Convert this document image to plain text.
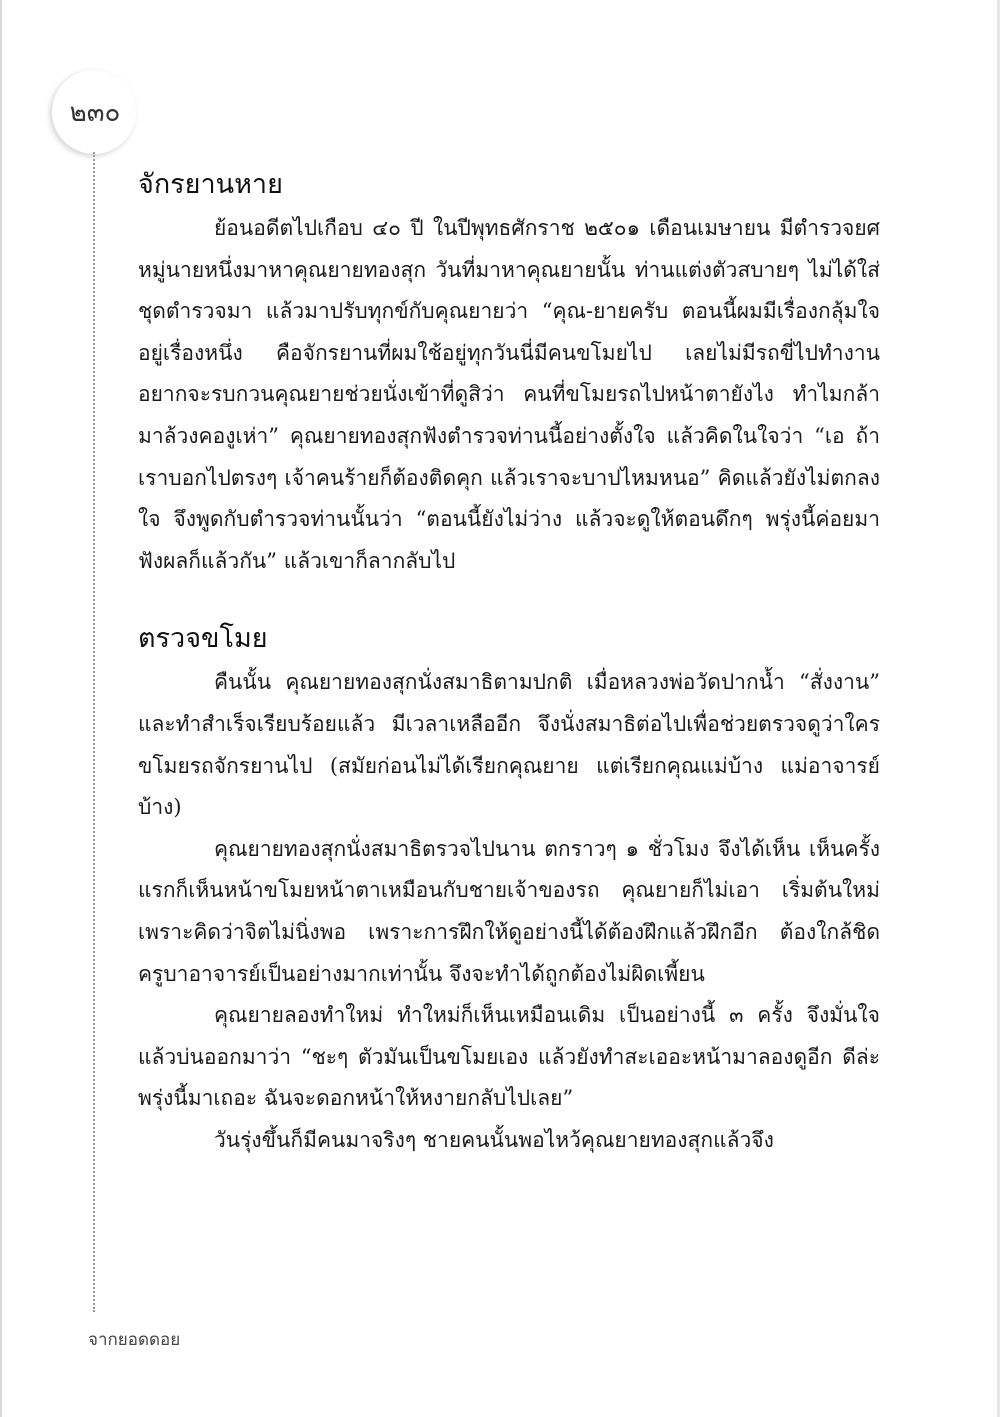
๒๓๐
จักรยานหาย

ย้อนอดีตไปเกือบ ๔๐ ปี ในปีพุทธศักราช ๒๕๐๑ เดือนเมษายน มีตำรวจยศหมู่นายหนึ่งมาหาคุณยายทองสุก วันที่มาหาคุณยายนั้น ท่านแต่งตัวสบายๆ ไม่ได้ใส่ชุดตำรวจมา แล้วมาปรับทุกข์กับคุณยายว่า “คุณ-ยายครับ ตอนนี้ผมมีเรื่องกลุ้มใจอยู่เรื่องหนึ่ง คือจักรยานที่ผมใช้อยู่ทุกวันนี่มีคนขโมยไป เลยไม่มีรถขี่ไปทำงาน อยากจะรบกวนคุณยายช่วยนั่งเข้าที่ดูสิว่า คนที่ขโมยรถไปหน้าตายังไง ทำไมกล้ามาล้วงคองูเห่า” คุณยายทองสุกฟังตำรวจท่านนี้อย่างตั้งใจ แล้วคิดในใจว่า “เอ ถ้าเราบอกไปตรงๆ เจ้าคนร้ายก็ต้องติดคุก แล้วเราจะบาปไหมหนอ” คิดแล้วยังไม่ตกลงใจ จึงพูดกับตำรวจท่านนั้นว่า “ตอนนี้ยังไม่ว่าง แล้วจะดูให้ตอนดึกๆ พรุ่งนี้ค่อยมาฟังผลก็แล้วกัน” แล้วเขาก็ลากลับไป

ตรวจขโมย

คืนนั้น คุณยายทองสุกนั่งสมาธิตามปกติ เมื่อหลวงพ่อวัดปากน้ำ “สั่งงาน” และทำสำเร็จเรียบร้อยแล้ว มีเวลาเหลืออีก จึงนั่งสมาธิต่อไปเพื่อช่วยตรวจดูว่าใครขโมยรถจักรยานไป (สมัยก่อนไม่ได้เรียกคุณยาย แต่เรียกคุณแม่บ้าง แม่อาจารย์บ้าง)

คุณยายทองสุกนั่งสมาธิตรวจไปนาน ตกราวๆ ๑ ชั่วโมง จึงได้เห็น เห็นครั้งแรกก็เห็นหน้าขโมยหน้าตาเหมือนกับชายเจ้าของรถ คุณยายก็ไม่เอา เริ่มต้นใหม่ เพราะคิดว่าจิตไม่นิ่งพอ เพราะการฝึกให้ดูอย่างนี้ได้ต้องฝึกแล้วฝึกอีก ต้องใกล้ชิดครูบาอาจารย์เป็นอย่างมากเท่านั้น จึงจะทำได้ถูกต้องไม่ผิดเพี้ยน

คุณยายลองทำใหม่ ทำใหม่ก็เห็นเหมือนเดิม เป็นอย่างนี้ ๓ ครั้ง จึงมั่นใจ แล้วบ่นออกมาว่า “ชะๆ ตัวมันเป็นขโมยเอง แล้วยังทำสะเออะหน้ามาลองดูอีก ดีล่ะ พรุ่งนี้มาเถอะ ฉันจะดอกหน้าให้หงายกลับไปเลย”

วันรุ่งขึ้นก็มีคนมาจริงๆ ชายคนนั้นพอไหว้คุณยายทองสุกแล้วจึง

จากยอดดอย
